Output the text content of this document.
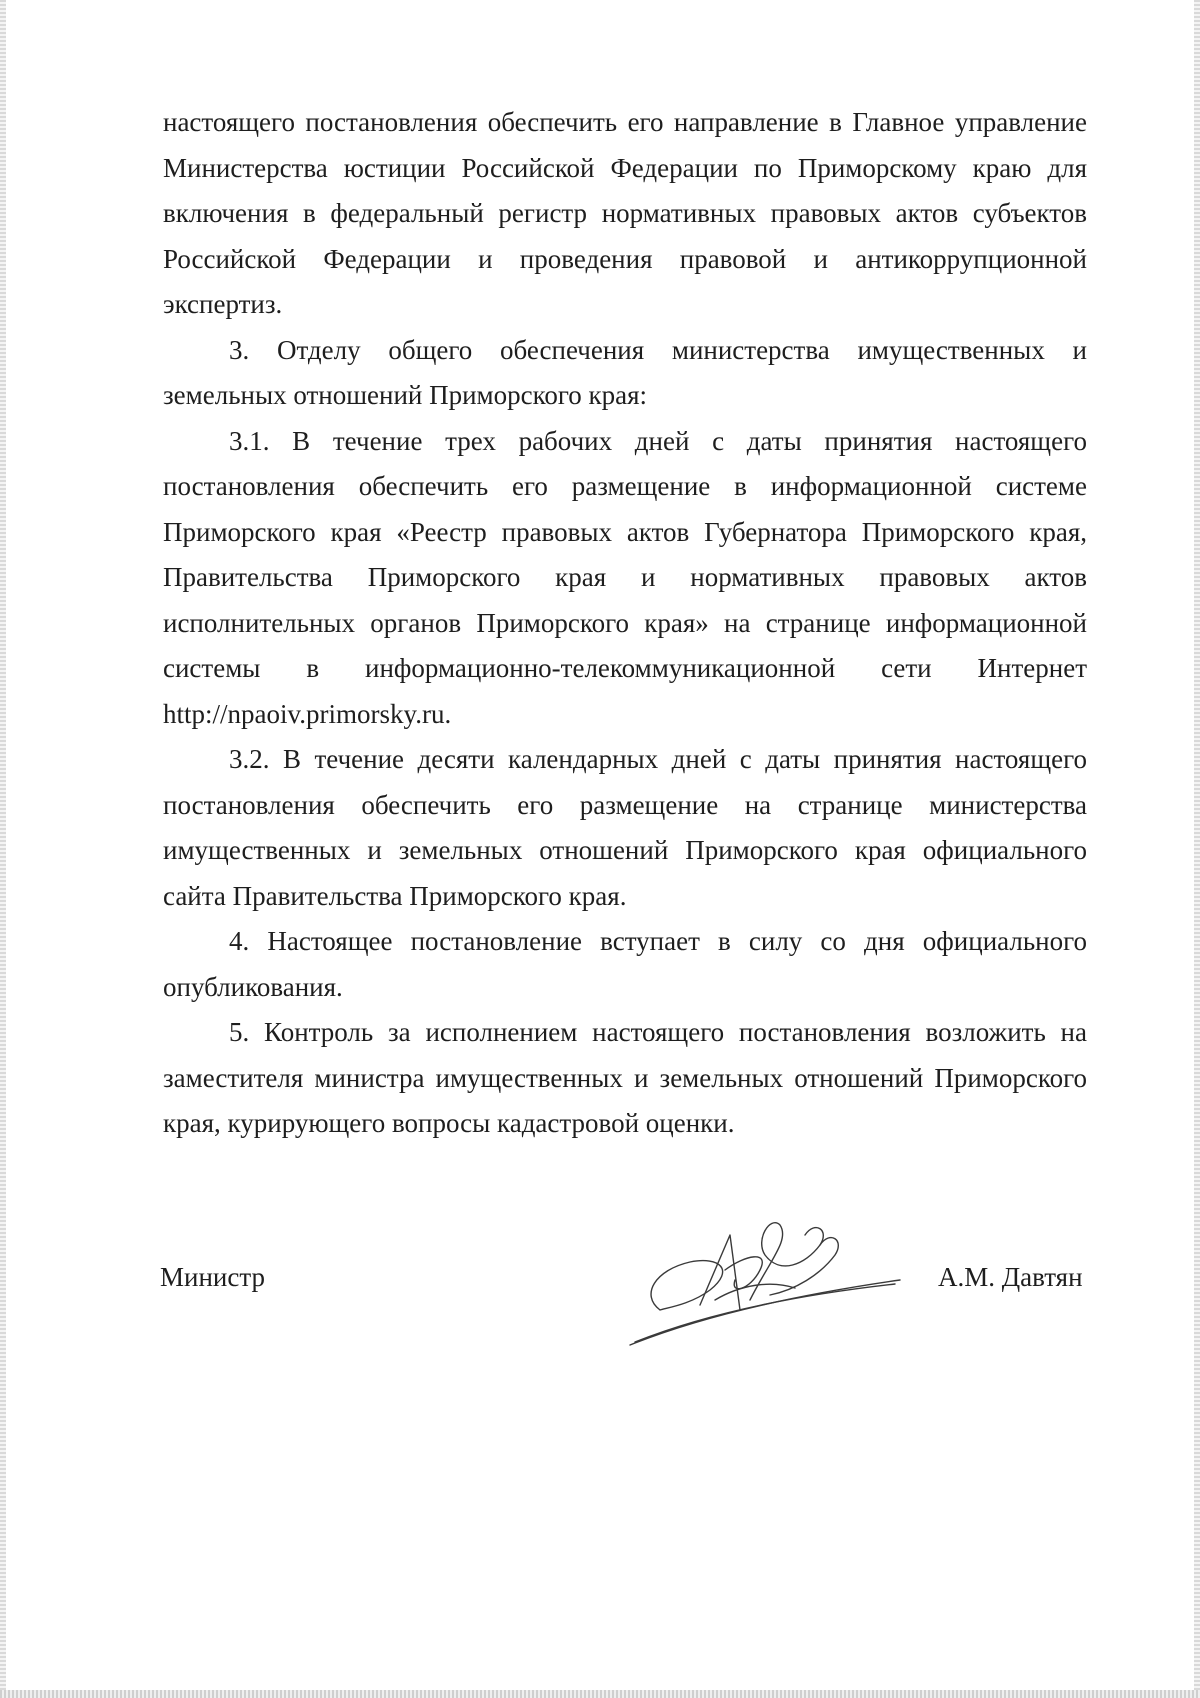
настоящего постановления обеспечить его направление в Главное управление Министерства юстиции Российской Федерации по Приморскому краю для включения в федеральный регистр нормативных правовых актов субъектов Российской Федерации и проведения правовой и антикоррупционной экспертиз.

3. Отделу общего обеспечения министерства имущественных и земельных отношений Приморского края:

3.1. В течение трех рабочих дней с даты принятия настоящего постановления обеспечить его размещение в информационной системе Приморского края «Реестр правовых актов Губернатора Приморского края, Правительства Приморского края и нормативных правовых актов исполнительных органов Приморского края» на странице информационной системы в информационно-телекоммуникационной сети Интернет http://npaoiv.primorsky.ru.

3.2. В течение десяти календарных дней с даты принятия настоящего постановления обеспечить его размещение на странице министерства имущественных и земельных отношений Приморского края официального сайта Правительства Приморского края.

4. Настоящее постановление вступает в силу со дня официального опубликования.

5. Контроль за исполнением настоящего постановления возложить на заместителя министра имущественных и земельных отношений Приморского края, курирующего вопросы кадастровой оценки.

Министр	А.М. Давтян
